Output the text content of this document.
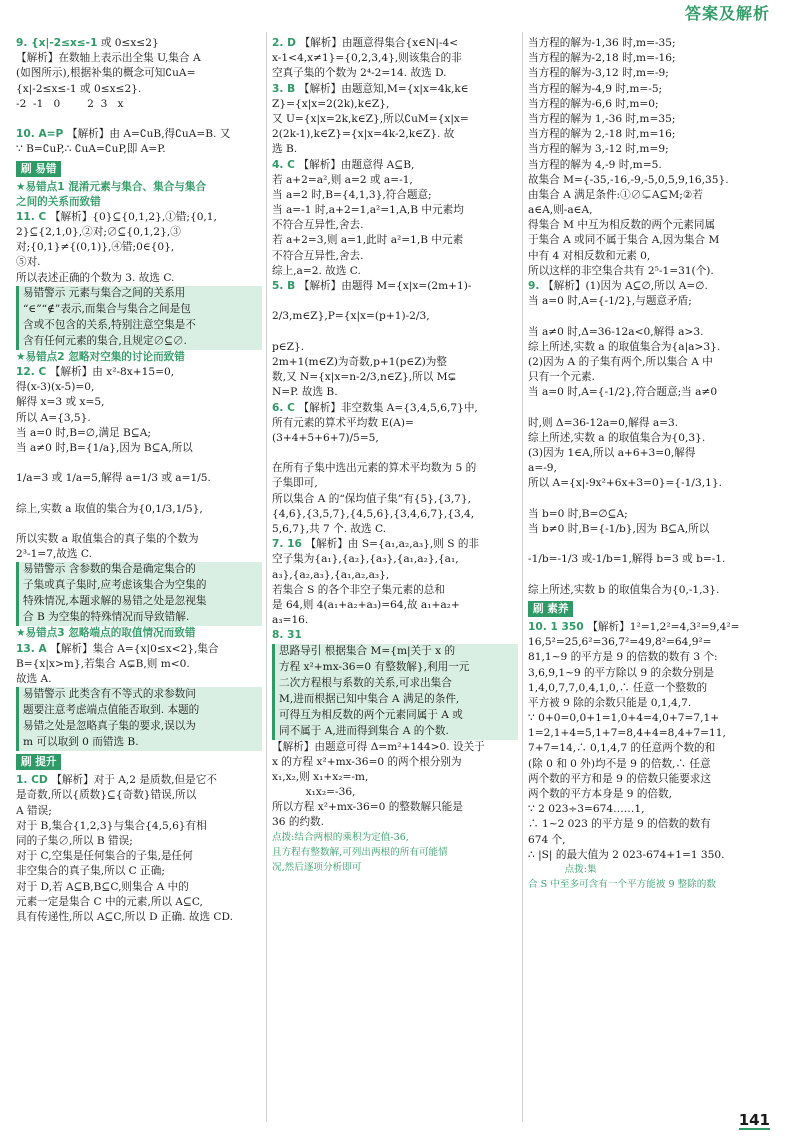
答案及解析
9. {x|-2≤x≤-1 或 0≤x≤2}
【解析】在数轴上表示出全集 U,集合 A
(如图所示),根据补集的概念可知∁uA=
{x|-2≤x≤-1 或 0≤x≤2}.
-2  -1   0        2  3   x
10. A=P 【解析】由 A=∁uB,得∁uA=B. 又
∵ B=∁uP,∴ ∁uA=∁uP,即 A=P.
刷 易错
★易错点1 混淆元素与集合、集合与集合
之间的关系而致错
11. C 【解析】{0}⊆{0,1,2},①错;{0,1,
2}⊆{2,1,0},②对;∅⊆{0,1,2},③
对;{0,1}≠{(0,1)},④错;0∈{0},
⑤对.
所以表述正确的个数为 3. 故选 C.
易错警示 元素与集合之间的关系用
“∈”“∉”表示,而集合与集合之间是包
含或不包含的关系,特别注意空集是不
含有任何元素的集合,且规定∅⊆∅.
★易错点2 忽略对空集的讨论而致错
12. C 【解析】由 x²-8x+15=0,
得(x-3)(x-5)=0,
解得 x=3 或 x=5,
所以 A={3,5}.
当 a=0 时,B=∅,满足 B⊆A;
当 a≠0 时,B={1/a},因为 B⊆A,所以
1/a=3 或 1/a=5,解得 a=1/3 或 a=1/5.
综上,实数 a 取值的集合为{0,1/3,1/5},
所以实数 a 取值集合的真子集的个数为
2³-1=7,故选 C.
易错警示 含参数的集合是确定集合的
子集或真子集时,应考虑该集合为空集的
特殊情况,本题求解的易错之处是忽视集
合 B 为空集的特殊情况而导致错解.
★易错点3 忽略端点的取值情况而致错
13. A 【解析】集合 A={x|0≤x<2},集合
B={x|x>m},若集合 A⊊B,则 m<0.
故选 A.
易错警示 此类含有不等式的求参数问
题要注意考虑端点值能否取到. 本题的
易错之处是忽略真子集的要求,误以为
m 可以取到 0 而错选 B.
刷 提升
1. CD 【解析】对于 A,2 是质数,但是它不
是奇数,所以{质数}⊆{奇数}错误,所以
A 错误;
对于 B,集合{1,2,3}与集合{4,5,6}有相
同的子集∅,所以 B 错误;
对于 C,空集是任何集合的子集,是任何
非空集合的真子集,所以 C 正确;
对于 D,若 A⊆B,B⊆C,则集合 A 中的
元素一定是集合 C 中的元素,所以 A⊆C,
具有传递性,所以 A⊆C,所以 D 正确. 故选 CD.
2. D 【解析】由题意得集合{x∈N|-4<
x-1<4,x≠1}={0,2,3,4},则该集合的非
空真子集的个数为 2⁴-2=14. 故选 D.
3. B 【解析】由题意知,M={x|x=4k,k∈
Z}={x|x=2(2k),k∈Z},
又 U={x|x=2k,k∈Z},所以∁uM={x|x=
2(2k-1),k∈Z}={x|x=4k-2,k∈Z}. 故
选 B.
4. C 【解析】由题意得 A⊆B,
若 a+2=a²,则 a=2 或 a=-1,
当 a=2 时,B={4,1,3},符合题意;
当 a=-1 时,a+2=1,a²=1,A,B 中元素均
不符合互异性,舍去.
若 a+2=3,则 a=1,此时 a²=1,B 中元素
不符合互异性,舍去.
综上,a=2. 故选 C.
5. B 【解析】由题得 M={x|x=(2m+1)-
2/3,m∈Z},P={x|x=(p+1)-2/3,
p∈Z}.
2m+1(m∈Z)为奇数,p+1(p∈Z)为整
数,又 N={x|x=n-2/3,n∈Z},所以 M⊊
N=P. 故选 B.
6. C 【解析】非空数集 A={3,4,5,6,7}中,
所有元素的算术平均数 E(A)=
(3+4+5+6+7)/5=5,
在所有子集中选出元素的算术平均数为 5 的
子集即可,
所以集合 A 的“保均值子集”有{5},{3,7},
{4,6},{3,5,7},{4,5,6},{3,4,6,7},{3,4,
5,6,7},共 7 个. 故选 C.
7. 16 【解析】由 S={a₁,a₂,a₃},则 S 的非
空子集为{a₁},{a₂},{a₃},{a₁,a₂},{a₁,
a₃},{a₂,a₃},{a₁,a₂,a₃},
若集合 S 的各个非空子集元素的总和
是 64,则 4(a₁+a₂+a₃)=64,故 a₁+a₂+
a₃=16.
8. 31
思路导引 根据集合 M={m|关于 x 的
方程 x²+mx-36=0 有整数解},利用一元
二次方程根与系数的关系,可求出集合
M,进而根据已知中集合 A 满足的条件,
可得互为相反数的两个元素同属于 A 或
同不属于 A,进而得到集合 A 的个数.
【解析】由题意可得 Δ=m²+144>0. 设关于
x 的方程 x²+mx-36=0 的两个根分别为
x₁,x₂,则 x₁+x₂=-m,
x₁x₂=-36,
所以方程 x²+mx-36=0 的整数解只能是
36 的约数.
点拨:结合两根的乘积为定值-36,
且方程有整数解,可列出两根的所有可能情
况,然后逐项分析即可
当方程的解为-1,36 时,m=-35;
当方程的解为-2,18 时,m=-16;
当方程的解为-3,12 时,m=-9;
当方程的解为-4,9 时,m=-5;
当方程的解为-6,6 时,m=0;
当方程的解为 1,-36 时,m=35;
当方程的解为 2,-18 时,m=16;
当方程的解为 3,-12 时,m=9;
当方程的解为 4,-9 时,m=5.
故集合 M={-35,-16,-9,-5,0,5,9,16,35}.
由集合 A 满足条件:①∅⊊A⊆M;②若
a∈A,则-a∈A,
得集合 M 中互为相反数的两个元素同属
于集合 A 或同不属于集合 A,因为集合 M
中有 4 对相反数和元素 0,
所以这样的非空集合共有 2⁵-1=31(个).
9. 【解析】(1)因为 A⊆∅,所以 A=∅.
当 a=0 时,A={-1/2},与题意矛盾;
当 a≠0 时,Δ=36-12a<0,解得 a>3.
综上所述,实数 a 的取值集合为{a|a>3}.
(2)因为 A 的子集有两个,所以集合 A 中
只有一个元素.
当 a=0 时,A={-1/2},符合题意;当 a≠0
时,则 Δ=36-12a=0,解得 a=3.
综上所述,实数 a 的取值集合为{0,3}.
(3)因为 1∈A,所以 a+6+3=0,解得
a=-9,
所以 A={x|-9x²+6x+3=0}={-1/3,1}.
当 b=0 时,B=∅⊆A;
当 b≠0 时,B={-1/b},因为 B⊆A,所以
-1/b=-1/3 或-1/b=1,解得 b=3 或 b=-1.
综上所述,实数 b 的取值集合为{0,-1,3}.
刷 素养
10. 1 350 【解析】1²=1,2²=4,3²=9,4²=
16,5²=25,6²=36,7²=49,8²=64,9²=
81,1~9 的平方是 9 的倍数的数有 3 个:
3,6,9,1~9 的平方除以 9 的余数分别是
1,4,0,7,7,0,4,1,0,∴ 任意一个整数的
平方被 9 除的余数只能是 0,1,4,7.
∵ 0+0=0,0+1=1,0+4=4,0+7=7,1+
1=2,1+4=5,1+7=8,4+4=8,4+7=11,
7+7=14,∴ 0,1,4,7 的任意两个数的和
(除 0 和 0 外)均不是 9 的倍数,∴ 任意
两个数的平方和是 9 的倍数只能要求这
两个数的平方本身是 9 的倍数,
∵ 2 023÷3=674……1,
∴ 1~2 023 的平方是 9 的倍数的数有
674 个,
∴ |S| 的最大值为 2 023-674+1=1 350.
点拨:集
合 S 中至多可含有一个平方能被 9 整除的数
141
